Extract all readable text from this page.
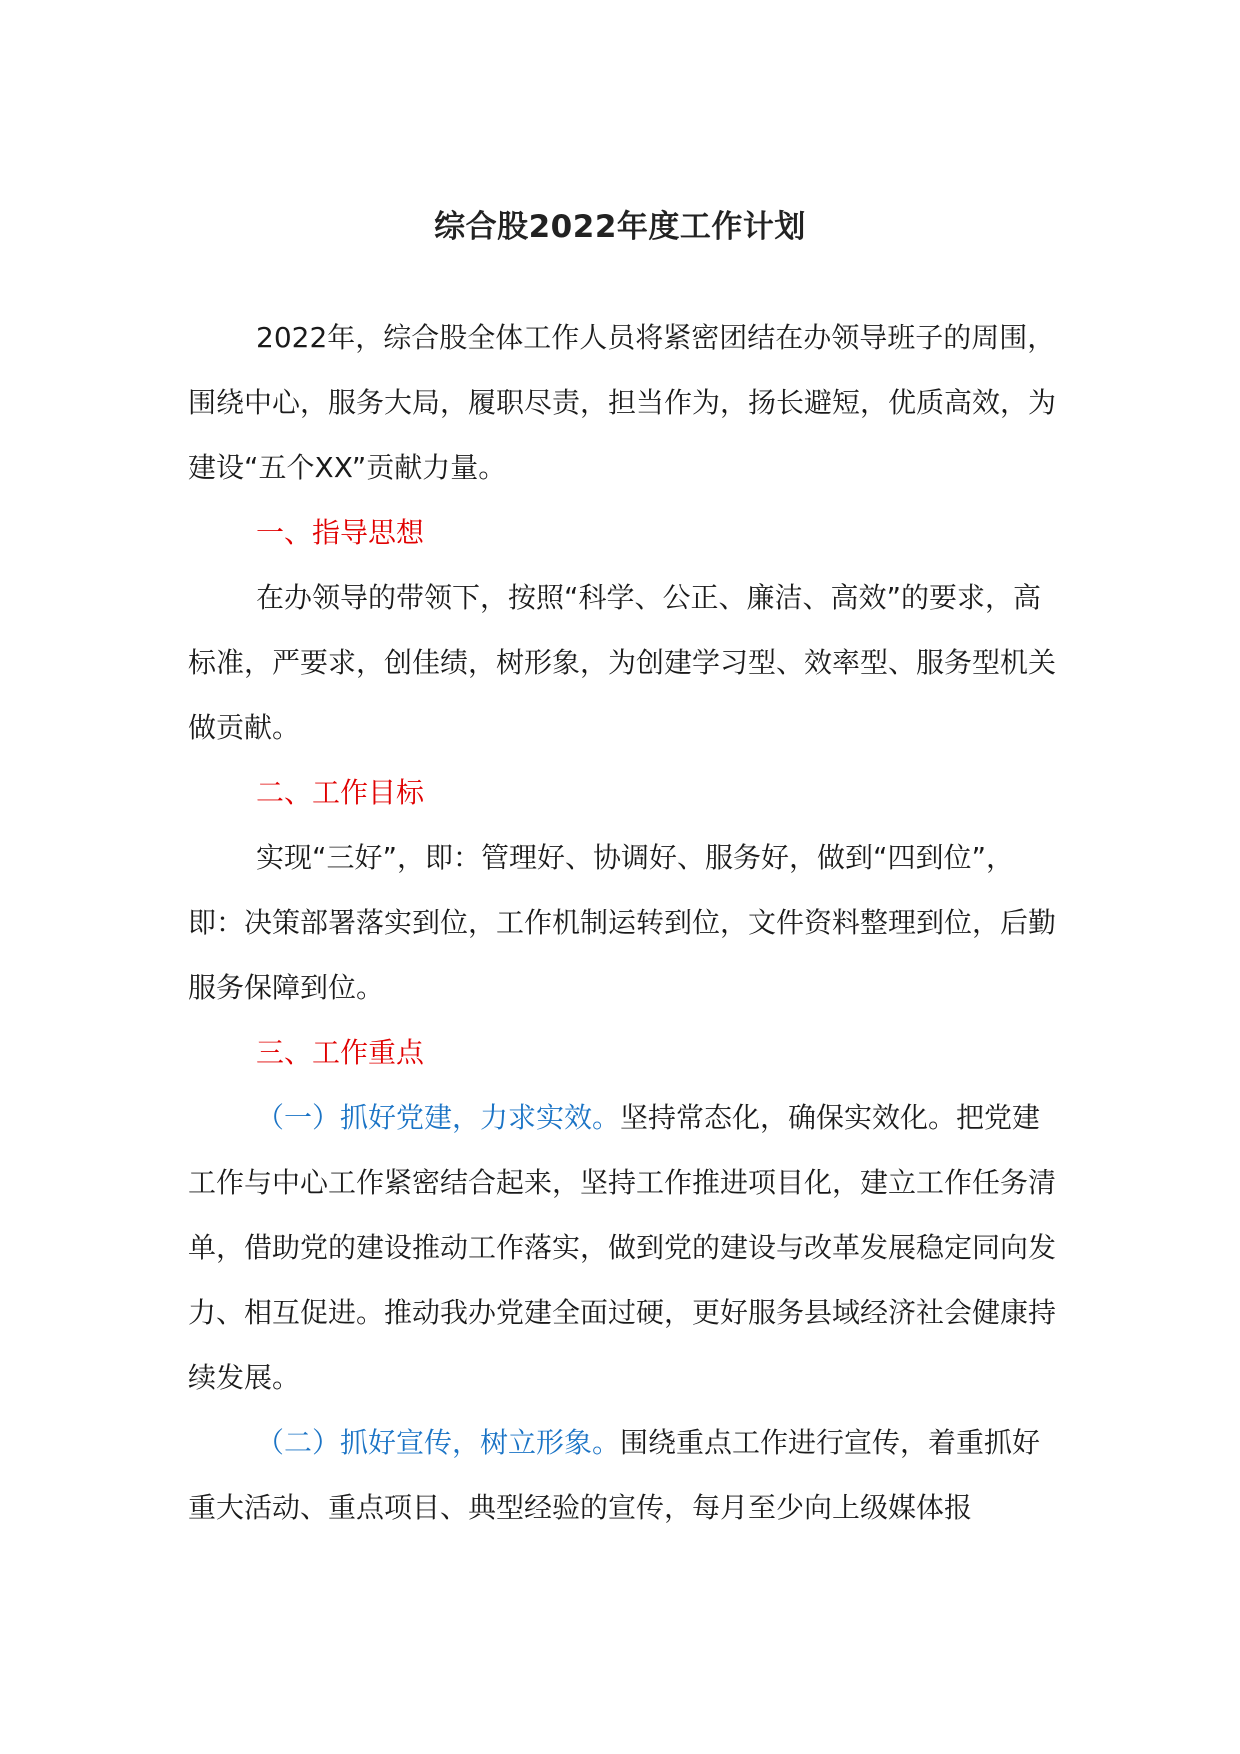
综合股2022年度工作计划

2022年，综合股全体工作人员将紧密团结在办领导班子的周围，围绕中心，服务大局，履职尽责，担当作为，扬长避短，优质高效，为建设“五个XX”贡献力量。

一、指导思想

在办领导的带领下，按照“科学、公正、廉洁、高效”的要求，高标准，严要求，创佳绩，树形象，为创建学习型、效率型、服务型机关做贡献。

二、工作目标

实现“三好”，即：管理好、协调好、服务好，做到“四到位”，即：决策部署落实到位，工作机制运转到位，文件资料整理到位，后勤服务保障到位。

三、工作重点

（一）抓好党建，力求实效。坚持常态化，确保实效化。把党建工作与中心工作紧密结合起来，坚持工作推进项目化，建立工作任务清单，借助党的建设推动工作落实，做到党的建设与改革发展稳定同向发力、相互促进。推动我办党建全面过硬，更好服务县域经济社会健康持续发展。

（二）抓好宣传，树立形象。围绕重点工作进行宣传，着重抓好重大活动、重点项目、典型经验的宣传，每月至少向上级媒体报
